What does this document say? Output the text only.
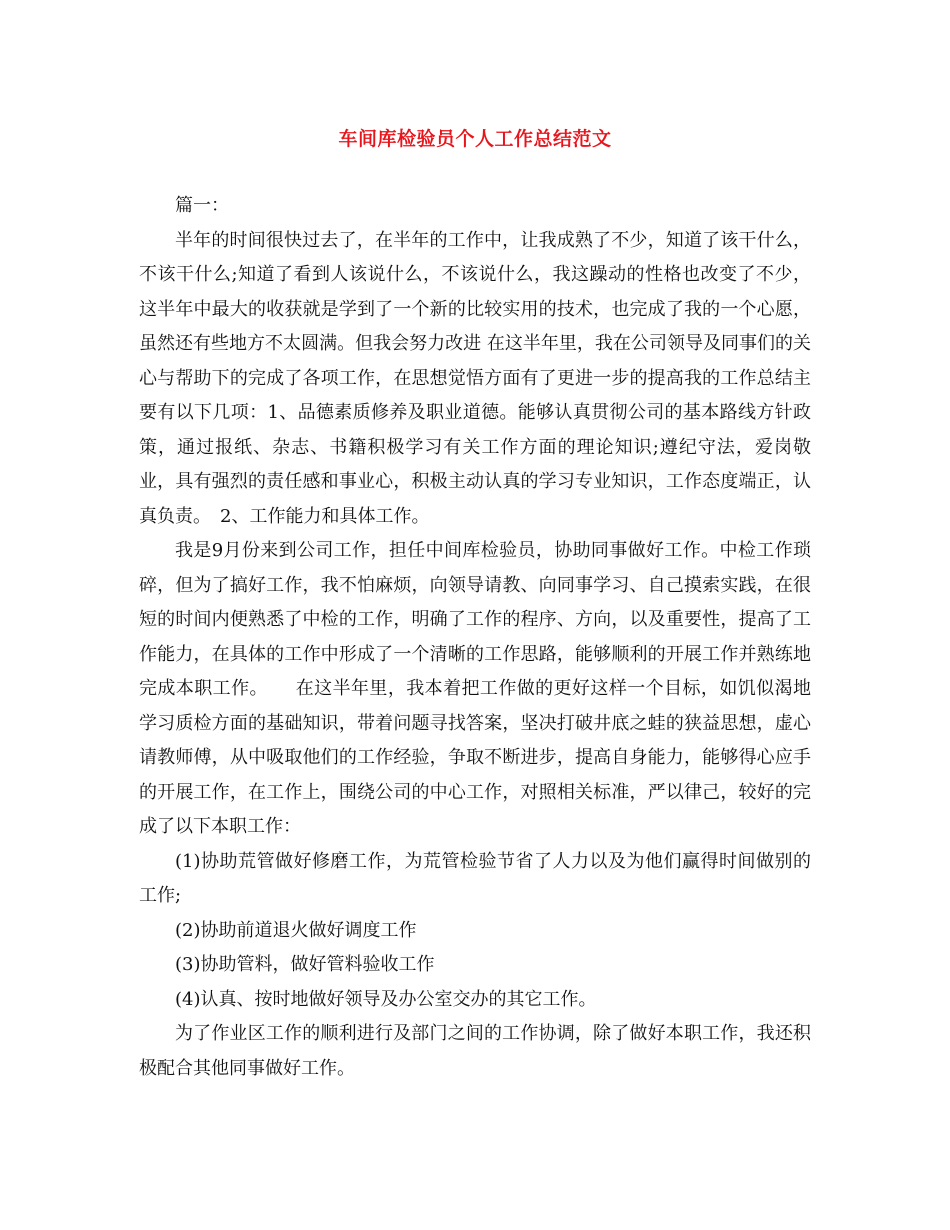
车间库检验员个人工作总结范文

篇一：

半年的时间很快过去了，在半年的工作中，让我成熟了不少，知道了该干什么，不该干什么;知道了看到人该说什么，不该说什么，我这躁动的性格也改变了不少，这半年中最大的收获就是学到了一个新的比较实用的技术，也完成了我的一个心愿，虽然还有些地方不太圆满。但我会努力改进 在这半年里，我在公司领导及同事们的关心与帮助下的完成了各项工作，在思想觉悟方面有了更进一步的提高我的工作总结主要有以下几项：1、品德素质修养及职业道德。能够认真贯彻公司的基本路线方针政策，通过报纸、杂志、书籍积极学习有关工作方面的理论知识;遵纪守法，爱岗敬业，具有强烈的责任感和事业心，积极主动认真的学习专业知识，工作态度端正，认真负责。　2、工作能力和具体工作。

我是9月份来到公司工作，担任中间库检验员，协助同事做好工作。中检工作琐碎，但为了搞好工作，我不怕麻烦，向领导请教、向同事学习、自己摸索实践，在很短的时间内便熟悉了中检的工作，明确了工作的程序、方向，以及重要性，提高了工作能力，在具体的工作中形成了一个清晰的工作思路，能够顺利的开展工作并熟练地完成本职工作。　　在这半年里，我本着把工作做的更好这样一个目标，如饥似渴地学习质检方面的基础知识，带着问题寻找答案，坚决打破井底之蛙的狭益思想，虚心请教师傅，从中吸取他们的工作经验，争取不断进步，提高自身能力，能够得心应手的开展工作，在工作上，围绕公司的中心工作，对照相关标准，严以律己，较好的完成了以下本职工作：

(1)协助荒管做好修磨工作，为荒管检验节省了人力以及为他们赢得时间做别的工作;

(2)协助前道退火做好调度工作

(3)协助管料，做好管料验收工作

(4)认真、按时地做好领导及办公室交办的其它工作。

为了作业区工作的顺利进行及部门之间的工作协调，除了做好本职工作，我还积极配合其他同事做好工作。
